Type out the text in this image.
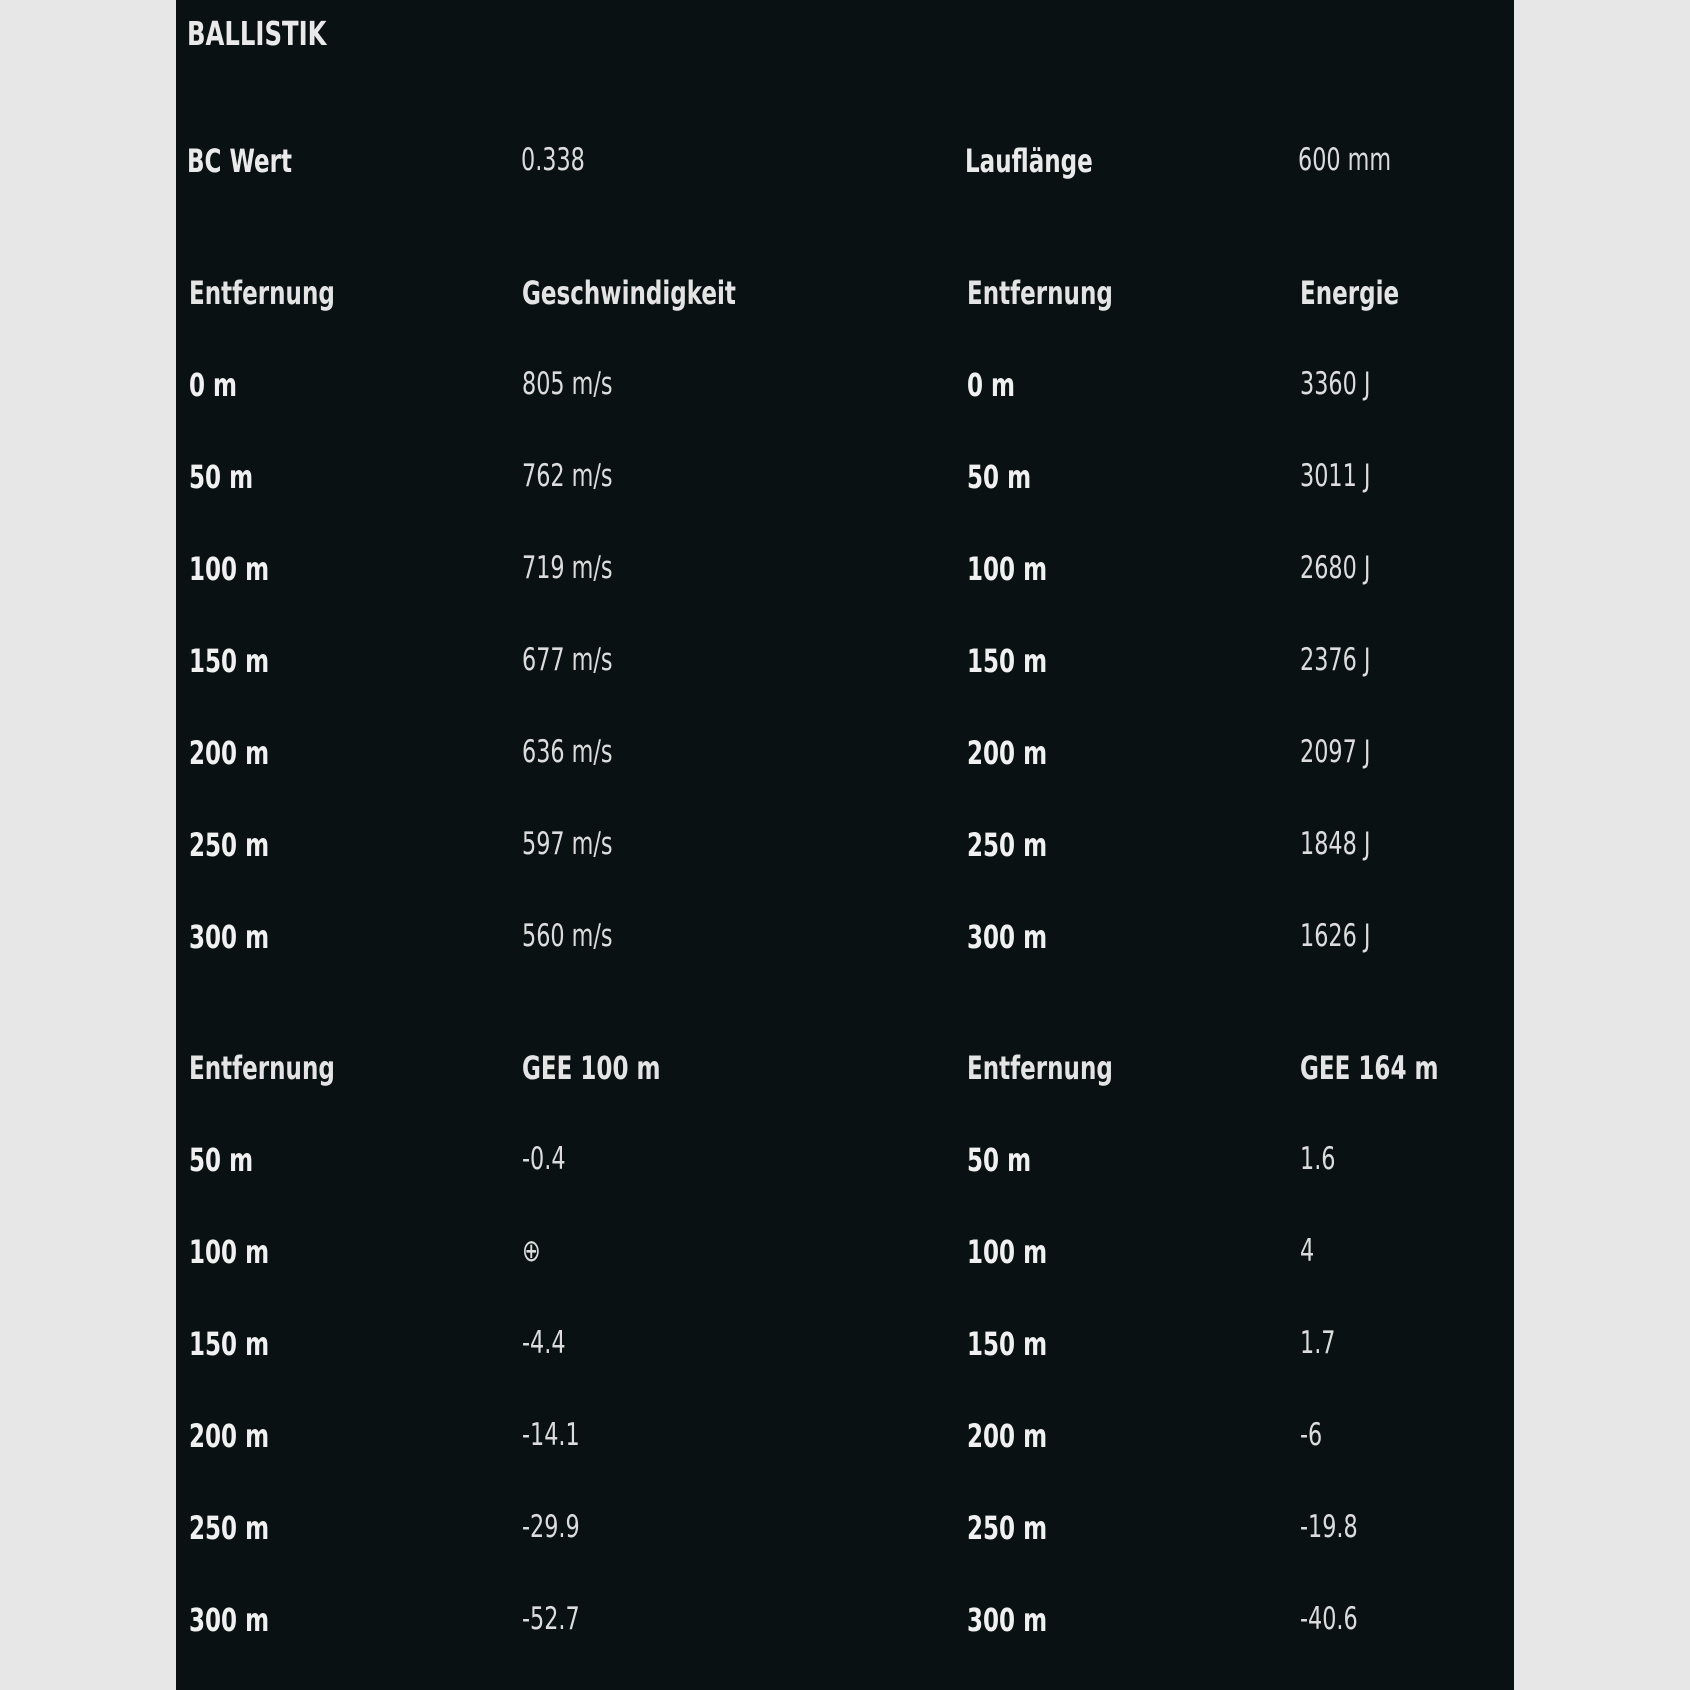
BALLISTIK
BC Wert	0.338	Lauflänge	600 mm
Entfernung	Geschwindigkeit	Entfernung	Energie
0 m	805 m/s	0 m	3360 J
50 m	762 m/s	50 m	3011 J
100 m	719 m/s	100 m	2680 J
150 m	677 m/s	150 m	2376 J
200 m	636 m/s	200 m	2097 J
250 m	597 m/s	250 m	1848 J
300 m	560 m/s	300 m	1626 J
Entfernung	GEE 100 m	Entfernung	GEE 164 m
50 m	-0.4	50 m	1.6
100 m	⊕	100 m	4
150 m	-4.4	150 m	1.7
200 m	-14.1	200 m	-6
250 m	-29.9	250 m	-19.8
300 m	-52.7	300 m	-40.6
